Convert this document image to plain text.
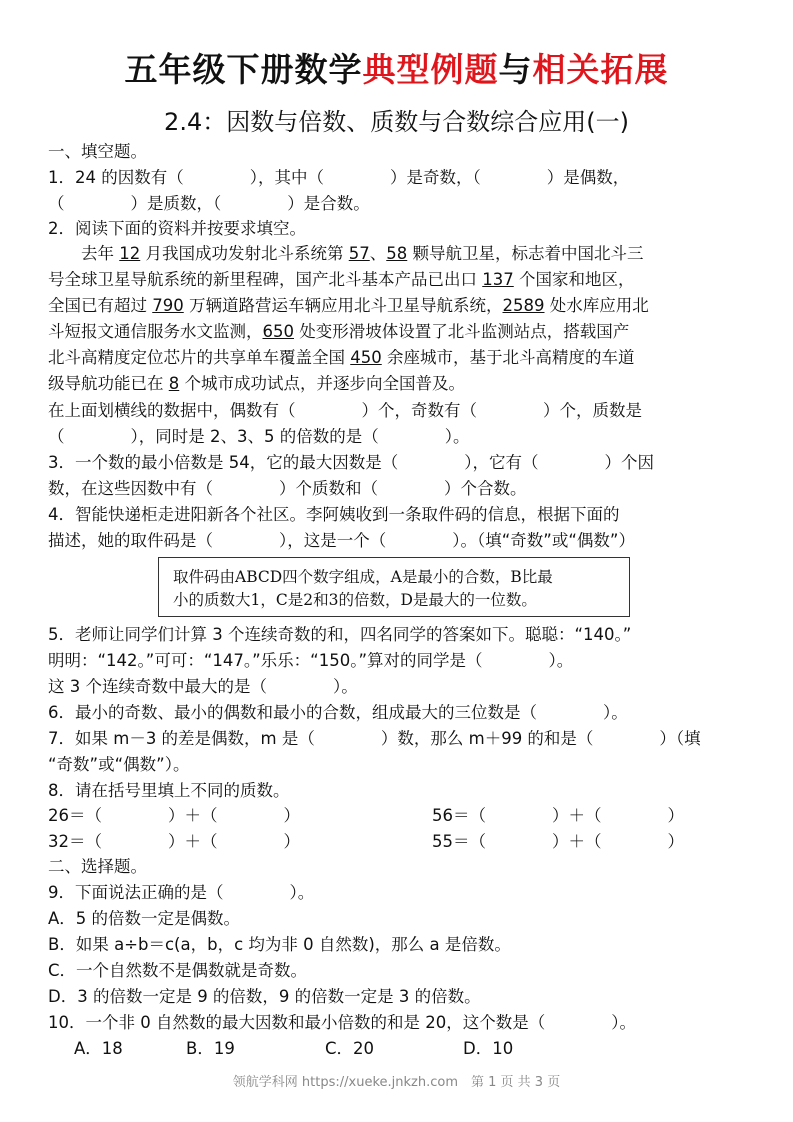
五年级下册数学典型例题与相关拓展
2.4：因数与倍数、质数与合数综合应用(一)
一、填空题。
1．24 的因数有（　　　　），其中（　　　　）是奇数，（　　　　）是偶数，
（　　　　）是质数，（　　　　）是合数。
2．阅读下面的资料并按要求填空。
去年 12 月我国成功发射北斗系统第 57、58 颗导航卫星，标志着中国北斗三
号全球卫星导航系统的新里程碑，国产北斗基本产品已出口 137 个国家和地区，
全国已有超过 790 万辆道路营运车辆应用北斗卫星导航系统，2589 处水库应用北
斗短报文通信服务水文监测，650 处变形滑坡体设置了北斗监测站点，搭载国产
北斗高精度定位芯片的共享单车覆盖全国 450 余座城市，基于北斗高精度的车道
级导航功能已在 8 个城市成功试点，并逐步向全国普及。
在上面划横线的数据中，偶数有（　　　　）个，奇数有（　　　　）个，质数是
（　　　　），同时是 2、3、5 的倍数的是（　　　　）。
3．一个数的最小倍数是 54，它的最大因数是（　　　　），它有（　　　　）个因
数，在这些因数中有（　　　　）个质数和（　　　　）个合数。
4．智能快递柜走进阳新各个社区。李阿姨收到一条取件码的信息，根据下面的
描述，她的取件码是（　　　　），这是一个（　　　　）。（填“奇数”或“偶数”）
取件码由ABCD四个数字组成，A是最小的合数，B比最
小的质数大1，C是2和3的倍数，D是最大的一位数。
5．老师让同学们计算 3 个连续奇数的和，四名同学的答案如下。聪聪：“140。”
明明：“142。”可可：“147。”乐乐：“150。”算对的同学是（　　　　）。
这 3 个连续奇数中最大的是（　　　　）。
6．最小的奇数、最小的偶数和最小的合数，组成最大的三位数是（　　　　）。
7．如果 m－3 的差是偶数，m 是（　　　　）数，那么 m＋99 的和是（　　　　）（填
“奇数”或“偶数”）。
8．请在括号里填上不同的质数。
26＝（　　　　）＋（　　　　）	56＝（　　　　）＋（　　　　）
32＝（　　　　）＋（　　　　）	55＝（　　　　）＋（　　　　）
二、选择题。
9．下面说法正确的是（　　　　）。
A．5 的倍数一定是偶数。
B．如果 a÷b＝c(a，b，c 均为非 0 自然数)，那么 a 是倍数。
C．一个自然数不是偶数就是奇数。
D．3 的倍数一定是 9 的倍数，9 的倍数一定是 3 的倍数。
10．一个非 0 自然数的最大因数和最小倍数的和是 20，这个数是（　　　　）。
A．18	B．19	C．20	D．10
领航学科网 https://xueke.jnkzh.com　第 1 页 共 3 页
